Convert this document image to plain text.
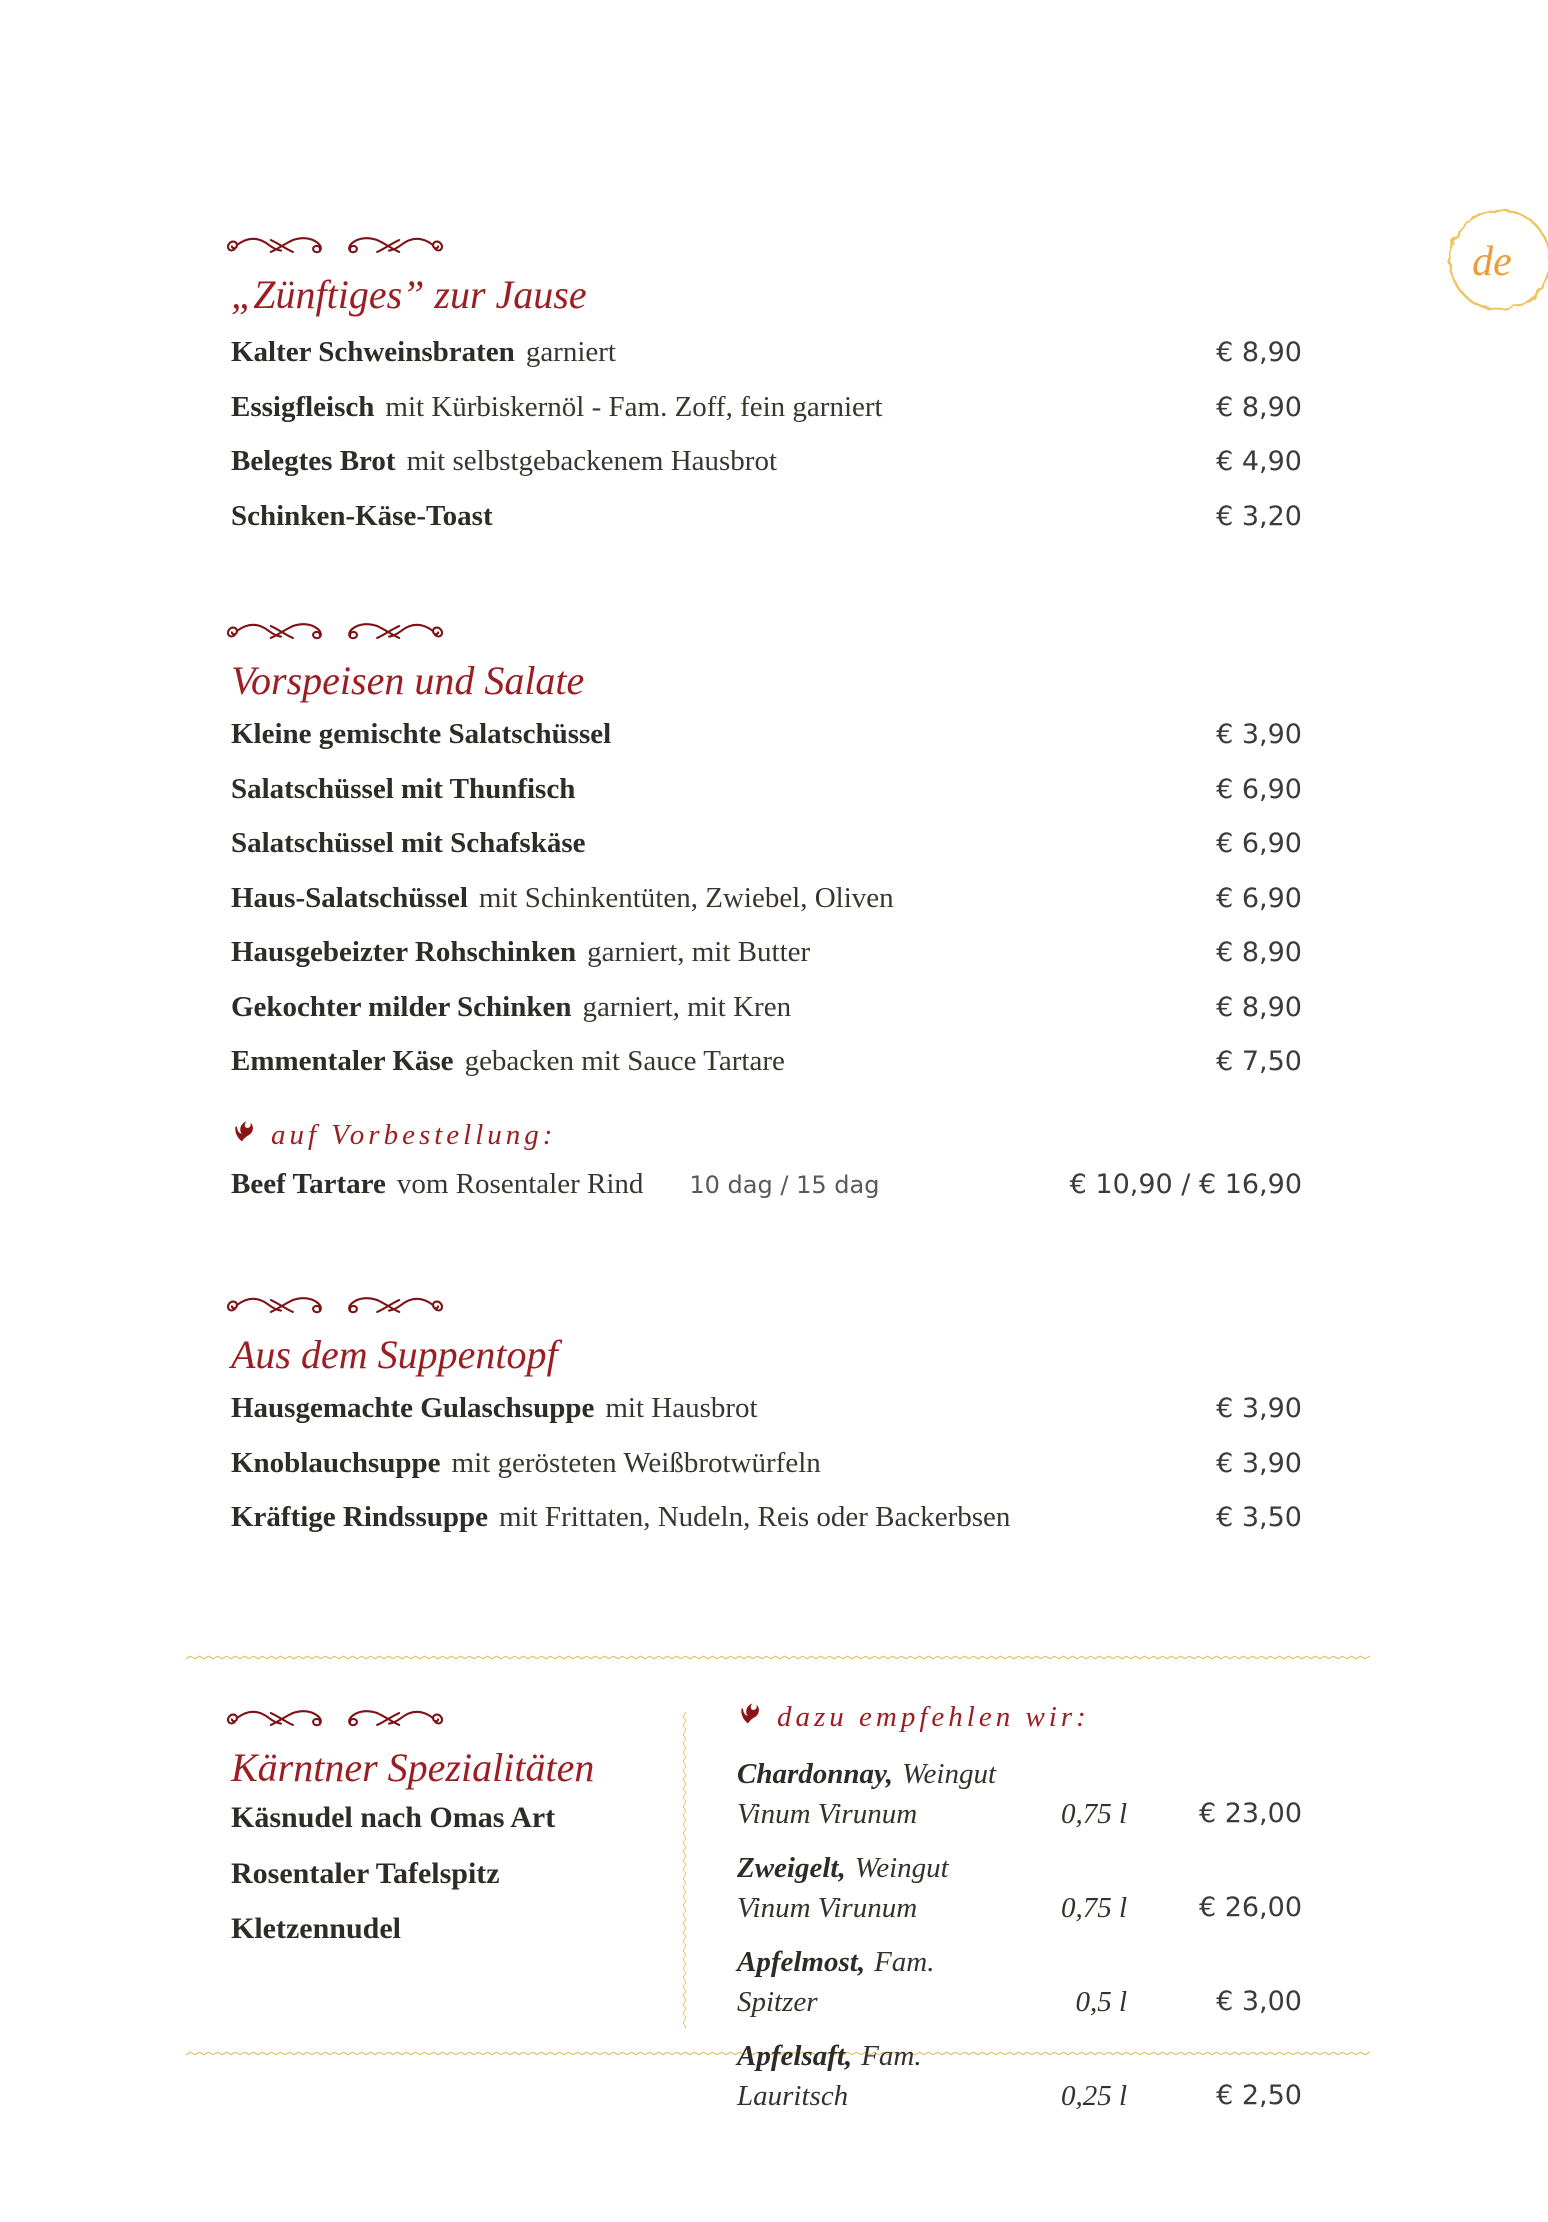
de
„Zünftiges” zur Jause
Kalter Schweinsbraten garniert	€ 8,90
Essigfleisch mit Kürbiskernöl - Fam. Zoff, fein garniert	€ 8,90
Belegtes Brot mit selbstgebackenem Hausbrot	€ 4,90
Schinken-Käse-Toast	€ 3,20
Vorspeisen und Salate
Kleine gemischte Salatschüssel	€ 3,90
Salatschüssel mit Thunfisch	€ 6,90
Salatschüssel mit Schafskäse	€ 6,90
Haus-Salatschüssel mit Schinkentüten, Zwiebel, Oliven	€ 6,90
Hausgebeizter Rohschinken garniert, mit Butter	€ 8,90
Gekochter milder Schinken garniert, mit Kren	€ 8,90
Emmentaler Käse gebacken mit Sauce Tartare	€ 7,50
auf Vorbestellung:
Beef Tartare vom Rosentaler Rind 10 dag / 15 dag	€ 10,90 / € 16,90
Aus dem Suppentopf
Hausgemachte Gulaschsuppe mit Hausbrot	€ 3,90
Knoblauchsuppe mit gerösteten Weißbrotwürfeln	€ 3,90
Kräftige Rindssuppe mit Frittaten, Nudeln, Reis oder Backerbsen	€ 3,50
Kärntner Spezialitäten
Käsnudel nach Omas Art
Rosentaler Tafelspitz
Kletzennudel
dazu empfehlen wir:
Chardonnay, Weingut
Vinum Virunum	0,75 l	€ 23,00
Zweigelt, Weingut
Vinum Virunum	0,75 l	€ 26,00
Apfelmost, Fam. Spitzer	0,5 l	€ 3,00
Apfelsaft, Fam. Lauritsch	0,25 l	€ 2,50
